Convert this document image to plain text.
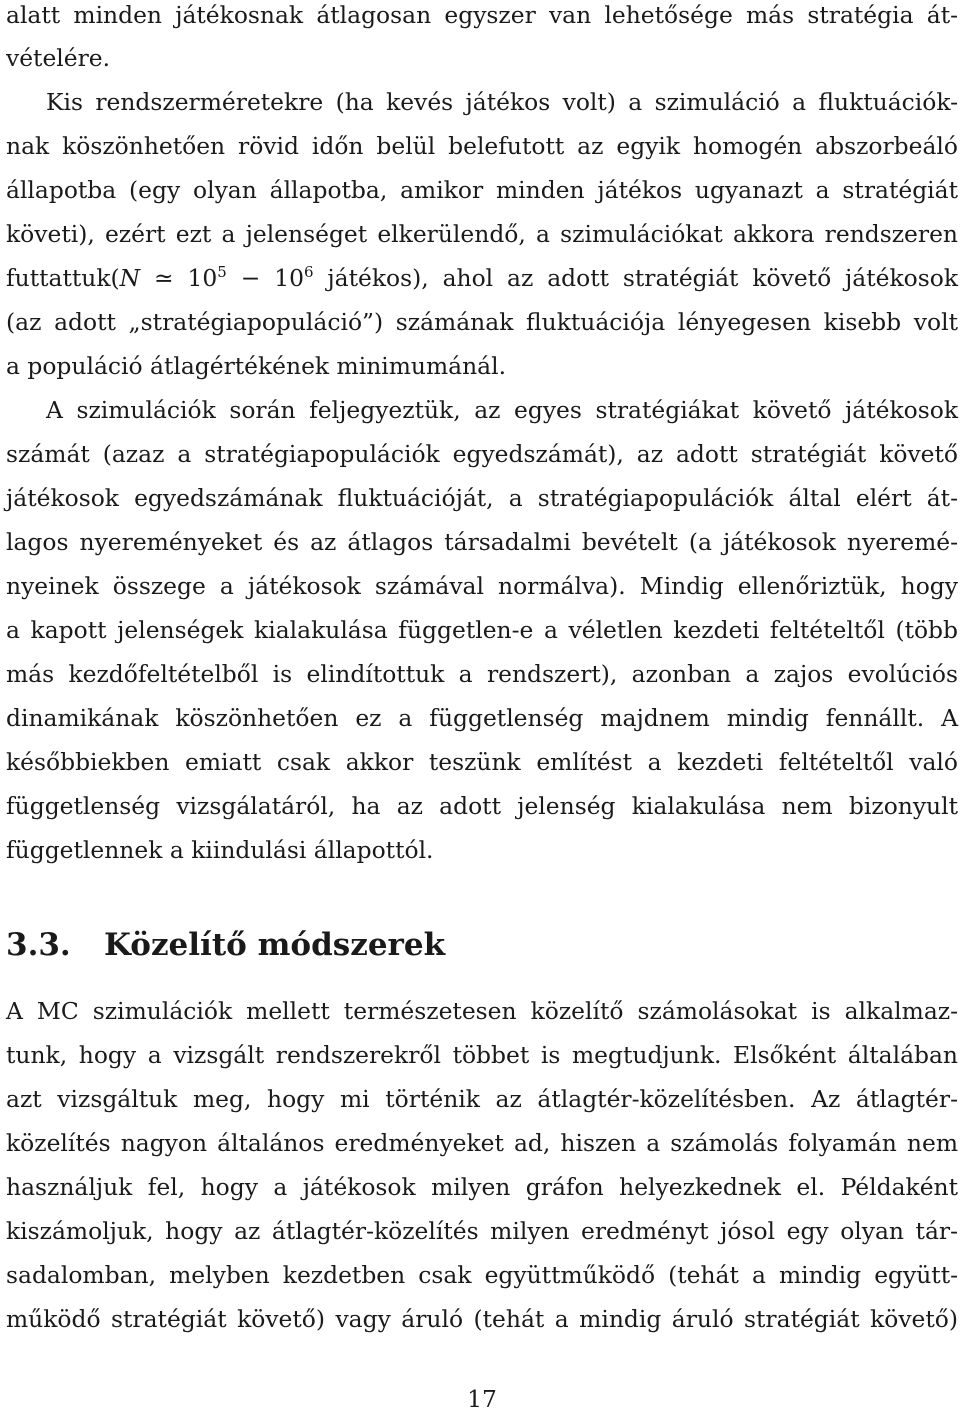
alatt minden játékosnak átlagosan egyszer van lehetősége más stratégia át-
vételére.
Kis rendszerméretekre (ha kevés játékos volt) a szimuláció a fluktuációk-
nak köszönhetően rövid időn belül belefutott az egyik homogén abszorbeáló
állapotba (egy olyan állapotba, amikor minden játékos ugyanazt a stratégiát
követi), ezért ezt a jelenséget elkerülendő, a szimulációkat akkora rendszeren
futtattuk(N ≃ $10^5 - 10^6$ játékos), ahol az adott stratégiát követő játékosok
(az adott „stratégiapopuláció”) számának fluktuációja lényegesen kisebb volt
a populáció átlagértékének minimumánál.
A szimulációk során feljegyeztük, az egyes stratégiákat követő játékosok
számát (azaz a stratégiapopulációk egyedszámát), az adott stratégiát követő
játékosok egyedszámának fluktuációját, a stratégiapopulációk által elért át-
lagos nyereményeket és az átlagos társadalmi bevételt (a játékosok nyeremé-
nyeinek összege a játékosok számával normálva). Mindig ellenőriztük, hogy
a kapott jelenségek kialakulása független-e a véletlen kezdeti feltételtől (több
más kezdőfeltételből is elindítottuk a rendszert), azonban a zajos evolúciós
dinamikának köszönhetően ez a függetlenség majdnem mindig fennállt. A
későbbiekben emiatt csak akkor teszünk említést a kezdeti feltételtől való
függetlenség vizsgálatáról, ha az adott jelenség kialakulása nem bizonyult
függetlennek a kiindulási állapottól.
3.3. Közelítő módszerek
A MC szimulációk mellett természetesen közelítő számolásokat is alkalmaz-
tunk, hogy a vizsgált rendszerekről többet is megtudjunk. Elsőként általában
azt vizsgáltuk meg, hogy mi történik az átlagtér-közelítésben. Az átlagtér-
közelítés nagyon általános eredményeket ad, hiszen a számolás folyamán nem
használjuk fel, hogy a játékosok milyen gráfon helyezkednek el. Példaként
kiszámoljuk, hogy az átlagtér-közelítés milyen eredményt jósol egy olyan tár-
sadalomban, melyben kezdetben csak együttműködő (tehát a mindig együtt-
működő stratégiát követő) vagy áruló (tehát a mindig áruló stratégiát követő)
17
